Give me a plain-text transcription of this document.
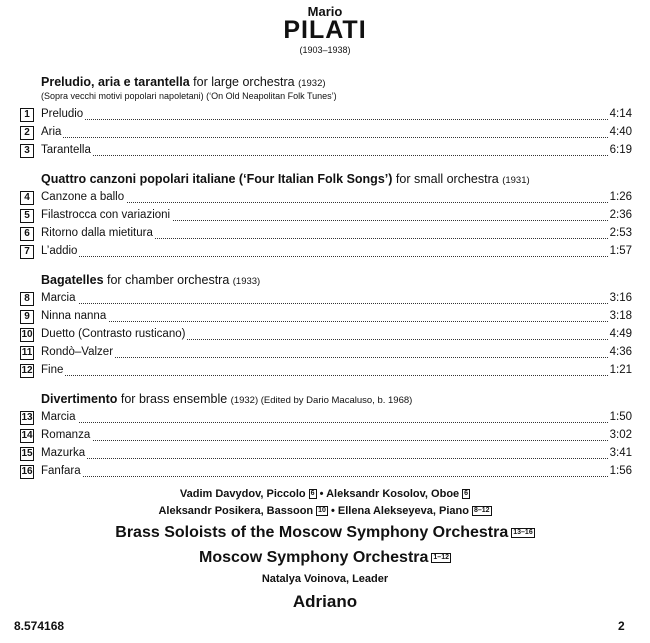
Mario
PILATI
(1903–1938)
Preludio, aria e tarantella for large orchestra (1932)
(Sopra vecchi motivi popolari napoletani) (‘On Old Neapolitan Folk Tunes’)
1 Preludio	4:14
2 Aria	4:40
3 Tarantella	6:19
Quattro canzoni popolari italiane (‘Four Italian Folk Songs’) for small orchestra (1931)
4 Canzone a ballo	1:26
5 Filastrocca con variazioni	2:36
6 Ritorno dalla mietitura	2:53
7 L’addio	1:57
Bagatelles for chamber orchestra (1933)
8 Marcia	3:16
9 Ninna nanna	3:18
10 Duetto (Contrasto rusticano)	4:49
11 Rondò–Valzer	4:36
12 Fine	1:21
Divertimento for brass ensemble (1932) (Edited by Dario Macaluso, b. 1968)
13 Marcia	1:50
14 Romanza	3:02
15 Mazurka	3:41
16 Fanfara	1:56
Vadim Davydov, Piccolo 6 • Aleksandr Kosolov, Oboe 6
Aleksandr Posikera, Bassoon 10 • Ellena Alekseyeva, Piano 8–12
Brass Soloists of the Moscow Symphony Orchestra 13–16
Moscow Symphony Orchestra 1–12
Natalya Voinova, Leader
Adriano
8.574168	2
